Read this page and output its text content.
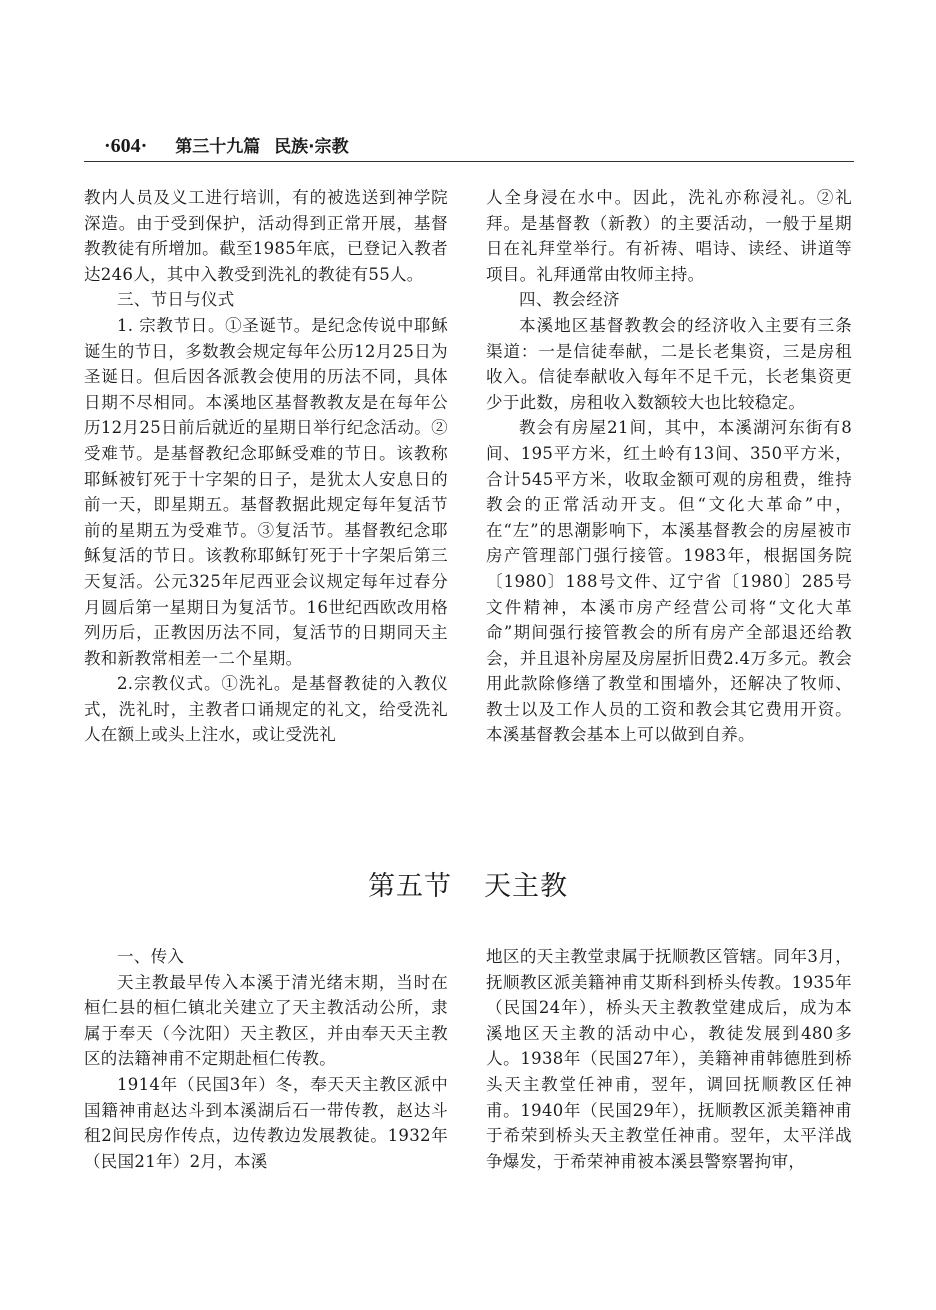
·604· 第三十九篇 民族·宗教

教内人员及义工进行培训，有的被选送到神学院深造。由于受到保护，活动得到正常开展，基督教教徒有所增加。截至1985年底，已登记入教者达246人，其中入教受到洗礼的教徒有55人。

三、节日与仪式

1. 宗教节日。①圣诞节。是纪念传说中耶稣诞生的节日，多数教会规定每年公历12月25日为圣诞日。但后因各派教会使用的历法不同，具体日期不尽相同。本溪地区基督教教友是在每年公历12月25日前后就近的星期日举行纪念活动。②受难节。是基督教纪念耶稣受难的节日。该教称耶稣被钉死于十字架的日子，是犹太人安息日的前一天，即星期五。基督教据此规定每年复活节前的星期五为受难节。③复活节。基督教纪念耶稣复活的节日。该教称耶稣钉死于十字架后第三天复活。公元325年尼西亚会议规定每年过春分月圆后第一星期日为复活节。16世纪西欧改用格列历后，正教因历法不同，复活节的日期同天主教和新教常相差一二个星期。

2.宗教仪式。①洗礼。是基督教徒的入教仪式，洗礼时，主教者口诵规定的礼文，给受洗礼人在额上或头上注水，或让受洗礼

人全身浸在水中。因此，洗礼亦称浸礼。②礼拜。是基督教（新教）的主要活动，一般于星期日在礼拜堂举行。有祈祷、唱诗、读经、讲道等项目。礼拜通常由牧师主持。

四、教会经济

本溪地区基督教教会的经济收入主要有三条渠道：一是信徒奉献，二是长老集资，三是房租收入。信徒奉献收入每年不足千元，长老集资更少于此数，房租收入数额较大也比较稳定。

教会有房屋21间，其中，本溪湖河东街有8间、195平方米，红土岭有13间、350平方米，合计545平方米，收取金额可观的房租费，维持教会的正常活动开支。但“文化大革命”中，在“左”的思潮影响下，本溪基督教会的房屋被市房产管理部门强行接管。1983年，根据国务院〔1980〕188号文件、辽宁省〔1980〕285号文件精神，本溪市房产经营公司将“文化大革命”期间强行接管教会的所有房产全部退还给教会，并且退补房屋及房屋折旧费2.4万多元。教会用此款除修缮了教堂和围墙外，还解决了牧师、教士以及工作人员的工资和教会其它费用开资。本溪基督教会基本上可以做到自养。

第五节 天主教

一、传入

天主教最早传入本溪于清光绪末期，当时在桓仁县的桓仁镇北关建立了天主教活动公所，隶属于奉天（今沈阳）天主教区，并由奉天天主教区的法籍神甫不定期赴桓仁传教。

1914年（民国3年）冬，奉天天主教区派中国籍神甫赵达斗到本溪湖后石一带传教，赵达斗租2间民房作传点，边传教边发展教徒。1932年（民国21年）2月，本溪

地区的天主教堂隶属于抚顺教区管辖。同年3月，抚顺教区派美籍神甫艾斯科到桥头传教。1935年（民国24年），桥头天主教教堂建成后，成为本溪地区天主教的活动中心，教徒发展到480多人。1938年（民国27年），美籍神甫韩德胜到桥头天主教堂任神甫，翌年，调回抚顺教区任神甫。1940年（民国29年），抚顺教区派美籍神甫于希荣到桥头天主教堂任神甫。翌年，太平洋战争爆发，于希荣神甫被本溪县警察署拘审，
